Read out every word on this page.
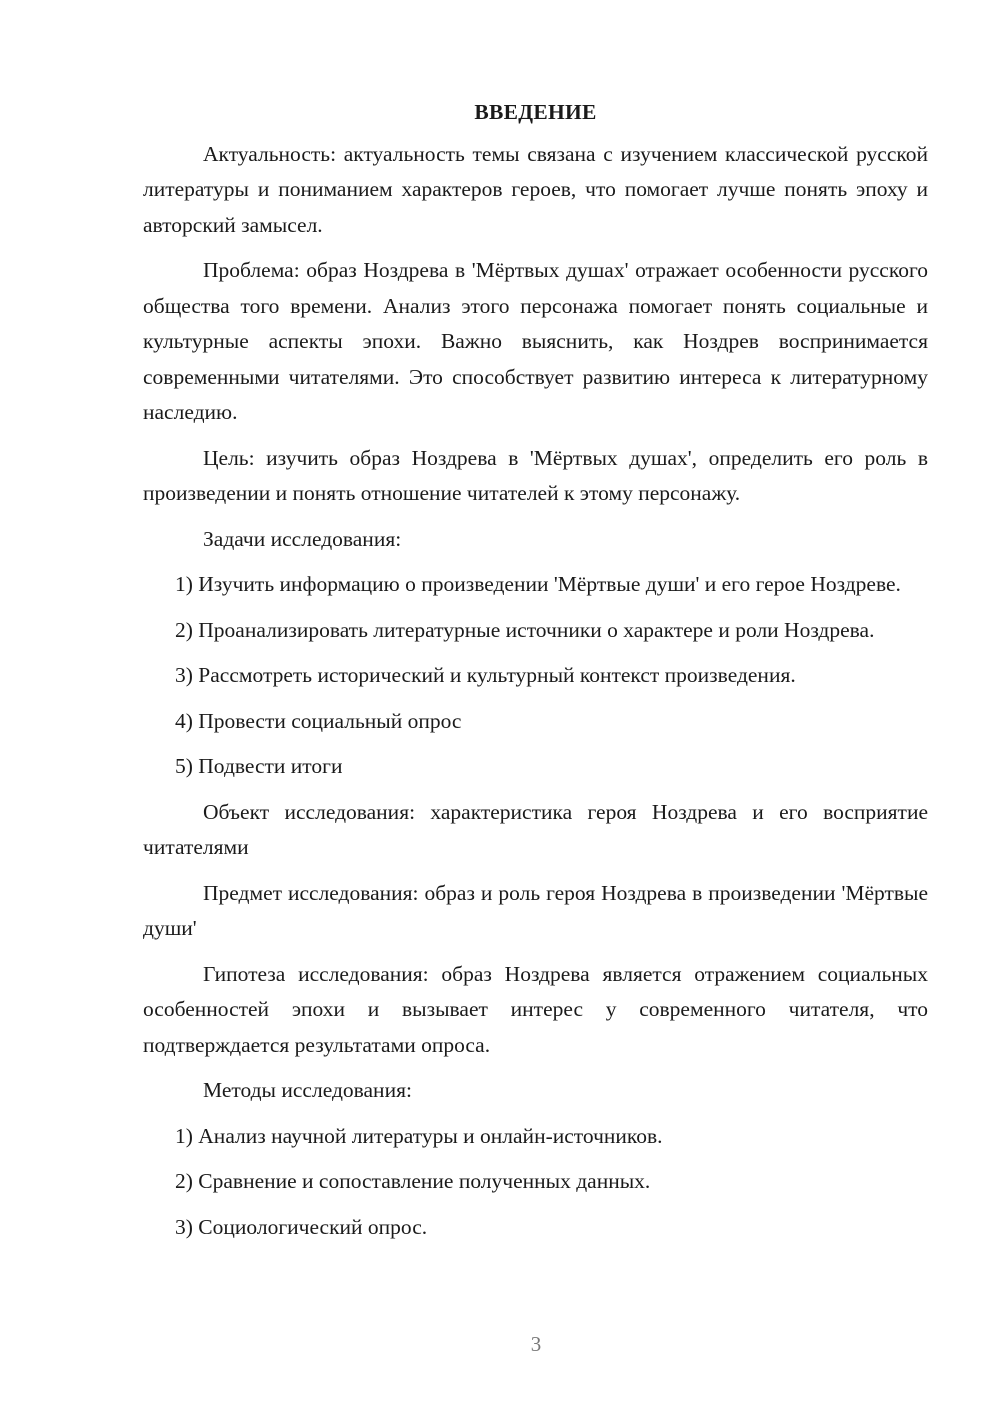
ВВЕДЕНИЕ

Актуальность: актуальность темы связана с изучением классической русской литературы и пониманием характеров героев, что помогает лучше понять эпоху и авторский замысел.

Проблема: образ Ноздрева в 'Мёртвых душах' отражает особенности русского общества того времени. Анализ этого персонажа помогает понять социальные и культурные аспекты эпохи. Важно выяснить, как Ноздрев воспринимается современными читателями. Это способствует развитию интереса к литературному наследию.

Цель: изучить образ Ноздрева в 'Мёртвых душах', определить его роль в произведении и понять отношение читателей к этому персонажу.

Задачи исследования:

1) Изучить информацию о произведении 'Мёртвые души' и его герое Ноздреве.

2) Проанализировать литературные источники о характере и роли Ноздрева.

3) Рассмотреть исторический и культурный контекст произведения.

4) Провести социальный опрос

5) Подвести итоги

Объект исследования: характеристика героя Ноздрева и его восприятие читателями

Предмет исследования: образ и роль героя Ноздрева в произведении 'Мёртвые души'

Гипотеза исследования: образ Ноздрева является отражением социальных особенностей эпохи и вызывает интерес у современного читателя, что подтверждается результатами опроса.

Методы исследования:

1) Анализ научной литературы и онлайн-источников.

2) Сравнение и сопоставление полученных данных.

3) Социологический опрос.

3
